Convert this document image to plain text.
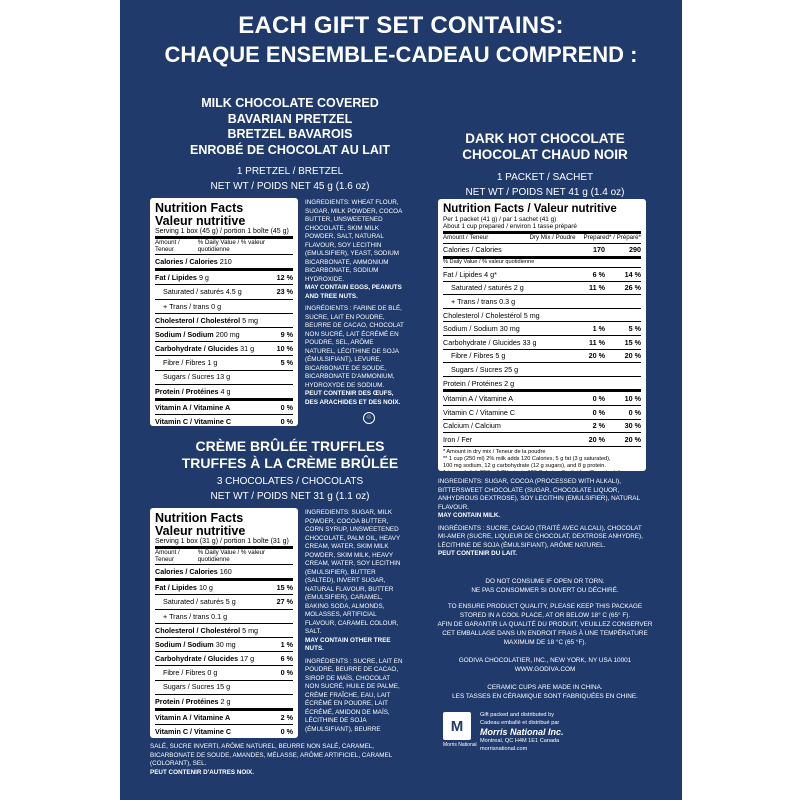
EACH GIFT SET CONTAINS:
CHAQUE ENSEMBLE-CADEAU COMPREND :
MILK CHOCOLATE COVERED
BAVARIAN PRETZEL
BRETZEL BAVAROIS
ENROBÉ DE CHOCOLAT AU LAIT
1 PRETZEL / BRETZEL
NET WT / POIDS NET 45 g (1.6 oz)
Nutrition Facts
Valeur nutritive
Serving 1 box (45 g) / portion 1 boîte (45 g)
Amount / Teneur
% Daily Value / % valeur quotidienne
Calories / Calories 210
Fat / Lipides 9 g	12 %
Saturated / saturés 4.5 g	23 %
+ Trans / trans 0 g
Cholesterol / Cholestérol 5 mg
Sodium / Sodium 200 mg	9 %
Carbohydrate / Glucides 31 g	10 %
Fibre / Fibres 1 g	5 %
Sugars / Sucres 13 g
Protein / Protéines 4 g
Vitamin A / Vitamine A	0 %
Vitamin C / Vitamine C	0 %
INGREDIENTS: WHEAT FLOUR, SUGAR, MILK POWDER, COCOA BUTTER, UNSWEETENED CHOCOLATE, SKIM MILK POWDER, SALT, NATURAL FLAVOUR, SOY LECITHIN (EMULSIFIER), YEAST, SODIUM BICARBONATE, AMMONIUM BICARBONATE, SODIUM HYDROXIDE.
MAY CONTAIN EGGS, PEANUTS AND TREE NUTS.
INGRÉDIENTS : FARINE DE BLÉ, SUCRE, LAIT EN POUDRE, BEURRE DE CACAO, CHOCOLAT NON SUCRÉ, LAIT ÉCRÉMÉ EN POUDRE, SEL, ARÔME NATUREL, LÉCITHINE DE SOJA (ÉMULSIFIANT), LEVURE, BICARBONATE DE SOUDE, BICARBONATE D'AMMONIUM, HYDROXYDE DE SODIUM.
PEUT CONTENIR DES ŒUFS, DES ARACHIDES ET DES NOIX.
♲
CRÈME BRÛLÉE TRUFFLES
TRUFFES À LA CRÈME BRÛLÉE
3 CHOCOLATES / CHOCOLATS
NET WT / POIDS NET 31 g (1.1 oz)
Nutrition Facts
Valeur nutritive
Serving 1 box (31 g) / portion 1 boîte (31 g)
Amount / Teneur
% Daily Value / % valeur quotidienne
Calories / Calories 160
Fat / Lipides 10 g	15 %
Saturated / saturés 5 g	27 %
+ Trans / trans 0.1 g
Cholesterol / Cholestérol 5 mg
Sodium / Sodium 30 mg	1 %
Carbohydrate / Glucides 17 g	6 %
Fibre / Fibres 0 g	0 %
Sugars / Sucres 15 g
Protein / Protéines 2 g
Vitamin A / Vitamine A	2 %
Vitamin C / Vitamine C	0 %
INGREDIENTS: SUGAR, MILK POWDER, COCOA BUTTER, CORN SYRUP, UNSWEETENED CHOCOLATE, PALM OIL, HEAVY CREAM, WATER, SKIM MILK POWDER, SKIM MILK, HEAVY CREAM, WATER, SOY LECITHIN (EMULSIFIER), BUTTER (SALTED), INVERT SUGAR, NATURAL FLAVOUR, BUTTER (EMULSIFIER), CARAMEL, BAKING SODA, ALMONDS, MOLASSES, ARTIFICIAL FLAVOUR, CARAMEL COLOUR, SALT.
MAY CONTAIN OTHER TREE NUTS.
INGRÉDIENTS : SUCRE, LAIT EN POUDRE, BEURRE DE CACAO, SIROP DE MAÏS, CHOCOLAT NON SUCRÉ, HUILE DE PALME, CRÈME FRAÎCHE, EAU, LAIT ÉCRÉMÉ EN POUDRE, LAIT ÉCRÉMÉ, AMIDON DE MAÏS, LÉCITHINE DE SOJA (ÉMULSIFIANT), BEURRE
SALÉ, SUCRE INVERTI, ARÔME NATUREL, BEURRE NON SALÉ, CARAMEL, BICARBONATE DE SOUDE, AMANDES, MÉLASSE, ARÔME ARTIFICIEL, CARAMEL (COLORANT), SEL.
PEUT CONTENIR D'AUTRES NOIX.
DARK HOT CHOCOLATE
CHOCOLAT CHAUD NOIR
1 PACKET / SACHET
NET WT / POIDS NET 41 g (1.4 oz)
Nutrition Facts / Valeur nutritive
Per 1 packet (41 g) / par 1 sachet (41 g)
About 1 cup prepared / environ 1 tasse préparé
Amount / Teneur	Dry Mix / Poudre Prepared* / Préparé*
Calories / Calories	170	290
% Daily Value / % valeur quotidienne
Fat / Lipides 4 g*	6 %	14 %
Saturated / saturés 2 g	11 %	26 %
+ Trans / trans 0.3 g
Cholesterol / Cholestérol 5 mg
Sodium / Sodium 30 mg	1 %	5 %
Carbohydrate / Glucides 33 g	11 %	15 %
Fibre / Fibres 5 g	20 %	20 %
Sugars / Sucres 25 g
Protein / Protéines 2 g
Vitamin A / Vitamine A	0 %	10 %
Vitamin C / Vitamine C	0 %	0 %
Calcium / Calcium	2 %	30 %
Iron / Fer	20 %	20 %
* Amount in dry mix / Teneur de la poudre
** 1 cup (250 ml) 2% milk adds 120 Calories, 5 g fat (3 g saturated),
100 mg sodium, 12 g carbohydrate (12 g sugars), and 8 g protein.
INGREDIENTS: SUGAR, COCOA (PROCESSED WITH ALKALI), BITTERSWEET CHOCOLATE (SUGAR, CHOCOLATE LIQUOR, ANHYDROUS DEXTROSE), SOY LECITHIN (EMULSIFIER), NATURAL FLAVOUR.
MAY CONTAIN MILK.
INGRÉDIENTS : SUCRE, CACAO (TRAITÉ AVEC ALCALI), CHOCOLAT MI-AMER (SUCRE, LIQUEUR DE CHOCOLAT, DEXTROSE ANHYDRE), LÉCITHINE DE SOJA (ÉMULSIFIANT), ARÔME NATUREL.
PEUT CONTENIR DU LAIT.
DO NOT CONSUME IF OPEN OR TORN.
NE PAS CONSOMMER SI OUVERT OU DÉCHIRÉ.
TO ENSURE PRODUCT QUALITY, PLEASE KEEP THIS PACKAGE
STORED IN A COOL PLACE, AT OR BELOW 18° C (65° F).
AFIN DE GARANTIR LA QUALITÉ DU PRODUIT, VEUILLEZ CONSERVER
CET EMBALLAGE DANS UN ENDROIT FRAIS À UNE TEMPÉRATURE
MAXIMUM DE 18 °C (65 °F).
GODIVA CHOCOLATIER, INC., NEW YORK, NY USA 10001
WWW.GODIVA.COM
CERAMIC CUPS ARE MADE IN CHINA.
LES TASSES EN CÉRAMIQUE SONT FABRIQUÉES EN CHINE.
M
Morris National
Gift packed and distributed by
Cadeau emballé et distribué par
Morris National Inc.
Montreal, QC H4M 1E1 Canada
morrisnational.com
